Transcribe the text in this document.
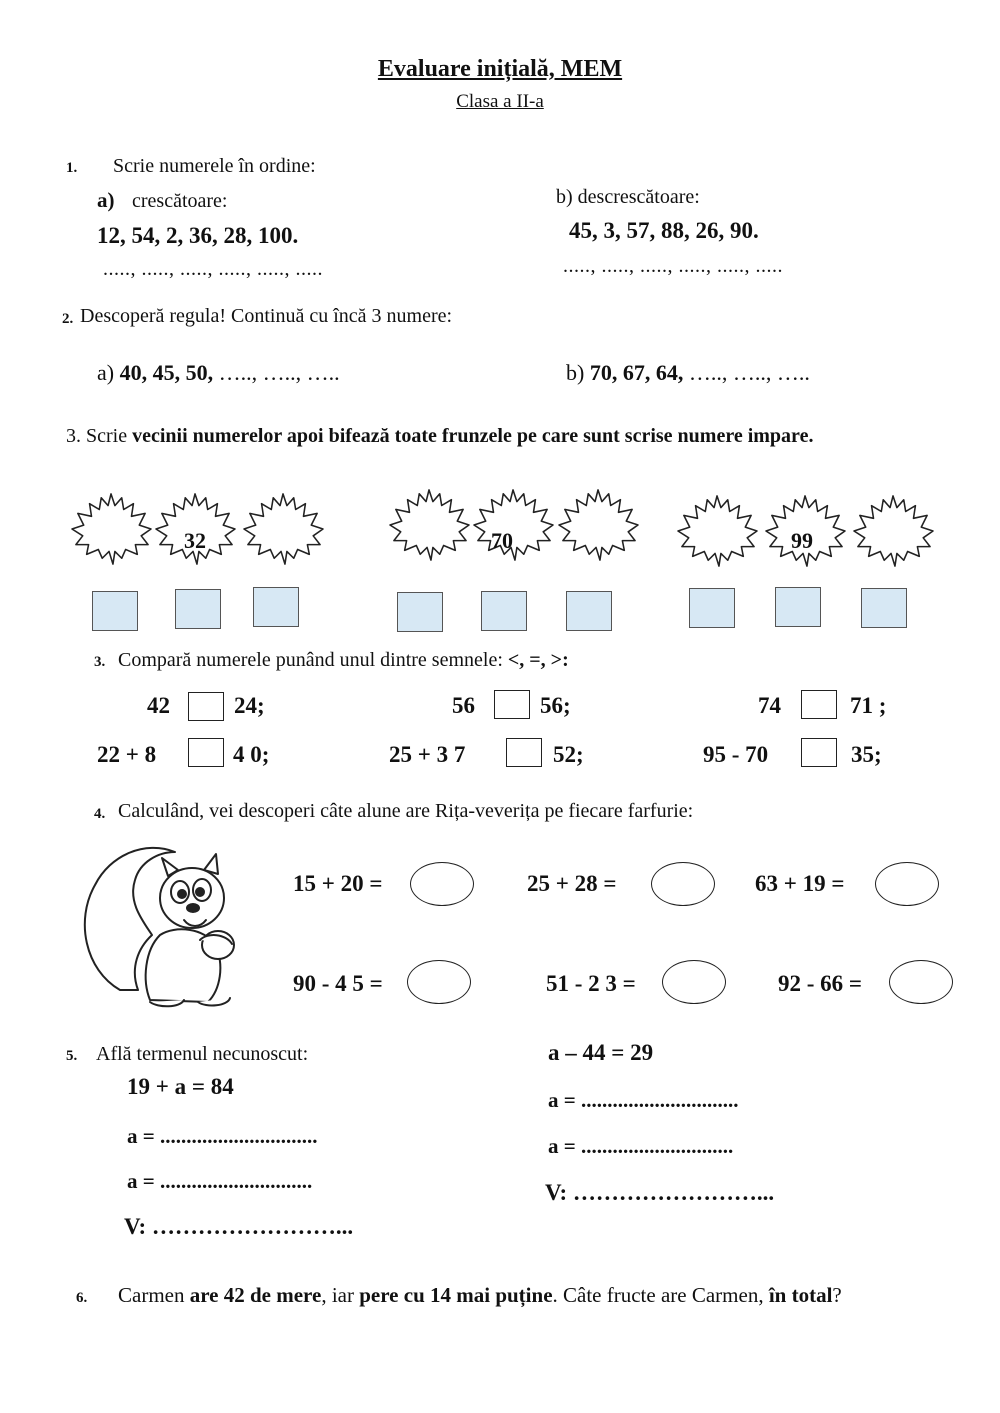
Evaluare inițială, MEM
Clasa a II-a
1. Scrie numerele în ordine:
a) crescătoare:
12, 54, 2, 36, 28, 100.
....., ....., ....., ....., ....., .....
b) descrescătoare:
45, 3, 57, 88, 26, 90.
....., ....., ....., ....., ....., .....
2. Descoperă regula! Continuă cu încă 3 numere:
a) 40, 45, 50, ….., ….., …..	b) 70, 67, 64, ….., ….., …..
3. Scrie vecinii numerelor apoi bifează toate frunzele pe care sunt scrise numere impare.
32	70	99
3. Compară numerele punând unul dintre semnele: <, =, >:
42	24;	56	56;	74	71 ;
22 + 8	4 0;	25 + 3 7	52;	95 - 70	35;
4. Calculând, vei descoperi câte alune are Rița-veverița pe fiecare farfurie:
15 + 20 =	25 + 28 =	63 + 19 =
90 - 4 5 =	51 - 2 3 =	92 - 66 =
5. Află termenul necunoscut:
19 + a = 84
a = ..............................
a = .............................
V: ……………………...
a – 44 = 29
a = ..............................
a = .............................
V: ……………………...
6. Carmen are 42 de mere, iar pere cu 14 mai puține. Câte fructe are Carmen, în total?
